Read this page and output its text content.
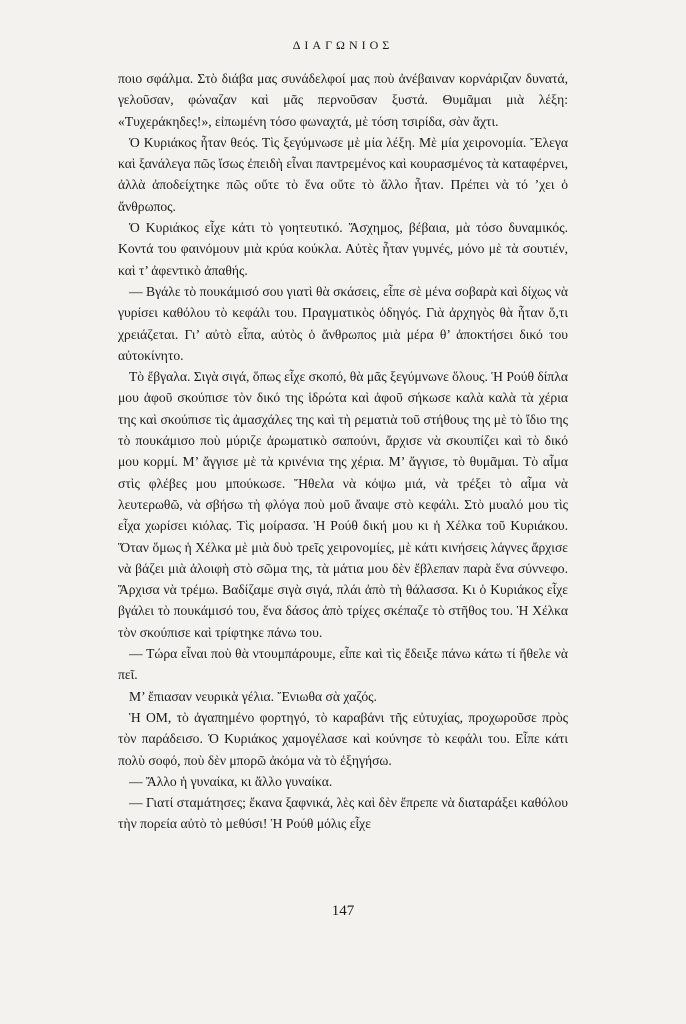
ΔΙΑΓΩΝΙΟΣ

ποιο σφάλμα. Στὸ διάβα μας συνάδελφοί μας ποὺ ἀνέβαιναν κορνάριζαν δυνατά, γελοῦσαν, φώναζαν καὶ μᾶς περνοῦσαν ξυστά. Θυμᾶμαι μιὰ λέξη: «Τυχεράκηδες!», εἰπωμένη τόσο φωναχτά, μὲ τόση τσιρίδα, σὰν ἄχτι.

Ὁ Κυριάκος ἦταν θεός. Τὶς ξεγύμνωσε μὲ μία λέξη. Μὲ μία χειρονομία. Ἔλεγα καὶ ξανάλεγα πῶς ἴσως ἐπειδὴ εἶναι παντρεμένος καὶ κουρασμένος τὰ καταφέρνει, ἀλλὰ ἀποδείχτηκε πῶς οὔτε τὸ ἕνα οὔτε τὸ ἄλλο ἦταν. Πρέπει νὰ τό ’χει ὁ ἄνθρωπος.

Ὁ Κυριάκος εἶχε κάτι τὸ γοητευτικό. Ἄσχημος, βέβαια, μὰ τόσο δυναμικός. Κοντά του φαινόμουν μιὰ κρύα κούκλα. Αὐτὲς ἦταν γυμνές, μόνο μὲ τὰ σουτιέν, καὶ τ’ ἀφεντικὸ ἀπαθής.

— Βγάλε τὸ πουκάμισό σου γιατὶ θὰ σκάσεις, εἶπε σὲ μένα σοβαρὰ καὶ δίχως νὰ γυρίσει καθόλου τὸ κεφάλι του. Πραγματικὸς ὁδηγός. Γιὰ ἀρχηγὸς θὰ ἦταν ὅ,τι χρειάζεται. Γι’ αὐτὸ εἶπα, αὐτὸς ὁ ἄνθρωπος μιὰ μέρα θ’ ἀποκτήσει δικό του αὐτοκίνητο.

Τὸ ἔβγαλα. Σιγὰ σιγά, ὅπως εἶχε σκοπό, θὰ μᾶς ξεγύμνωνε ὅλους. Ἡ Ρούθ δίπλα μου ἀφοῦ σκούπισε τὸν δικό της ἱδρώτα καὶ ἀφοῦ σήκωσε καλὰ καλὰ τὰ χέρια της καὶ σκούπισε τὶς ἀμασχάλες της καὶ τὴ ρεματιὰ τοῦ στήθους της μὲ τὸ ἴδιο της τὸ πουκάμισο ποὺ μύριζε ἀρωματικὸ σαπούνι, ἄρχισε νὰ σκουπίζει καὶ τὸ δικό μου κορμί. Μ’ ἄγγισε μὲ τὰ κρινένια της χέρια. Μ’ ἄγγισε, τὸ θυμᾶμαι. Τὸ αἷμα στὶς φλέβες μου μπούκωσε. Ἤθελα νὰ κόψω μιά, νὰ τρέξει τὸ αἷμα νὰ λευτερωθῶ, νὰ σβήσω τὴ φλόγα ποὺ μοῦ ἄναψε στὸ κεφάλι. Στὸ μυαλό μου τὶς εἶχα χωρίσει κιόλας. Τὶς μοίρασα. Ἡ Ρούθ δική μου κι ἡ Χέλκα τοῦ Κυριάκου. Ὅταν ὅμως ἡ Χέλκα μὲ μιὰ δυὸ τρεῖς χειρονομίες, μὲ κάτι κινήσεις λάγνες ἄρχισε νὰ βάζει μιὰ ἀλοιφὴ στὸ σῶμα της, τὰ μάτια μου δὲν ἔβλεπαν παρὰ ἕνα σύννεφο. Ἄρχισα νὰ τρέμω. Βαδίζαμε σιγὰ σιγά, πλάι ἀπὸ τὴ θάλασσα. Κι ὁ Κυριάκος εἶχε βγάλει τὸ πουκάμισό του, ἕνα δάσος ἀπὸ τρίχες σκέπαζε τὸ στῆθος του. Ἡ Χέλκα τὸν σκούπισε καὶ τρίφτηκε πάνω του.

— Τώρα εἶναι ποὺ θὰ ντουμπάρουμε, εἶπε καὶ τὶς ἔδειξε πάνω κάτω τί ἤθελε νὰ πεῖ.

Μ’ ἔπιασαν νευρικὰ γέλια. Ἔνιωθα σὰ χαζός.

Ἡ ΟΜ, τὸ ἀγαπημένο φορτηγό, τὸ καραβάνι τῆς εὐτυχίας, προχωροῦσε πρὸς τὸν παράδεισο. Ὁ Κυριάκος χαμογέλασε καὶ κούνησε τὸ κεφάλι του. Εἶπε κάτι πολὺ σοφό, ποὺ δὲν μπορῶ ἀκόμα νὰ τὸ ἐξηγήσω.

— Ἄλλο ἡ γυναίκα, κι ἄλλο γυναίκα.

— Γιατί σταμάτησες; ἔκανα ξαφνικά, λὲς καὶ δὲν ἔπρεπε νὰ διαταράξει καθόλου τὴν πορεία αὐτὸ τὸ μεθύσι! Ἡ Ρούθ μόλις εἶχε

147
